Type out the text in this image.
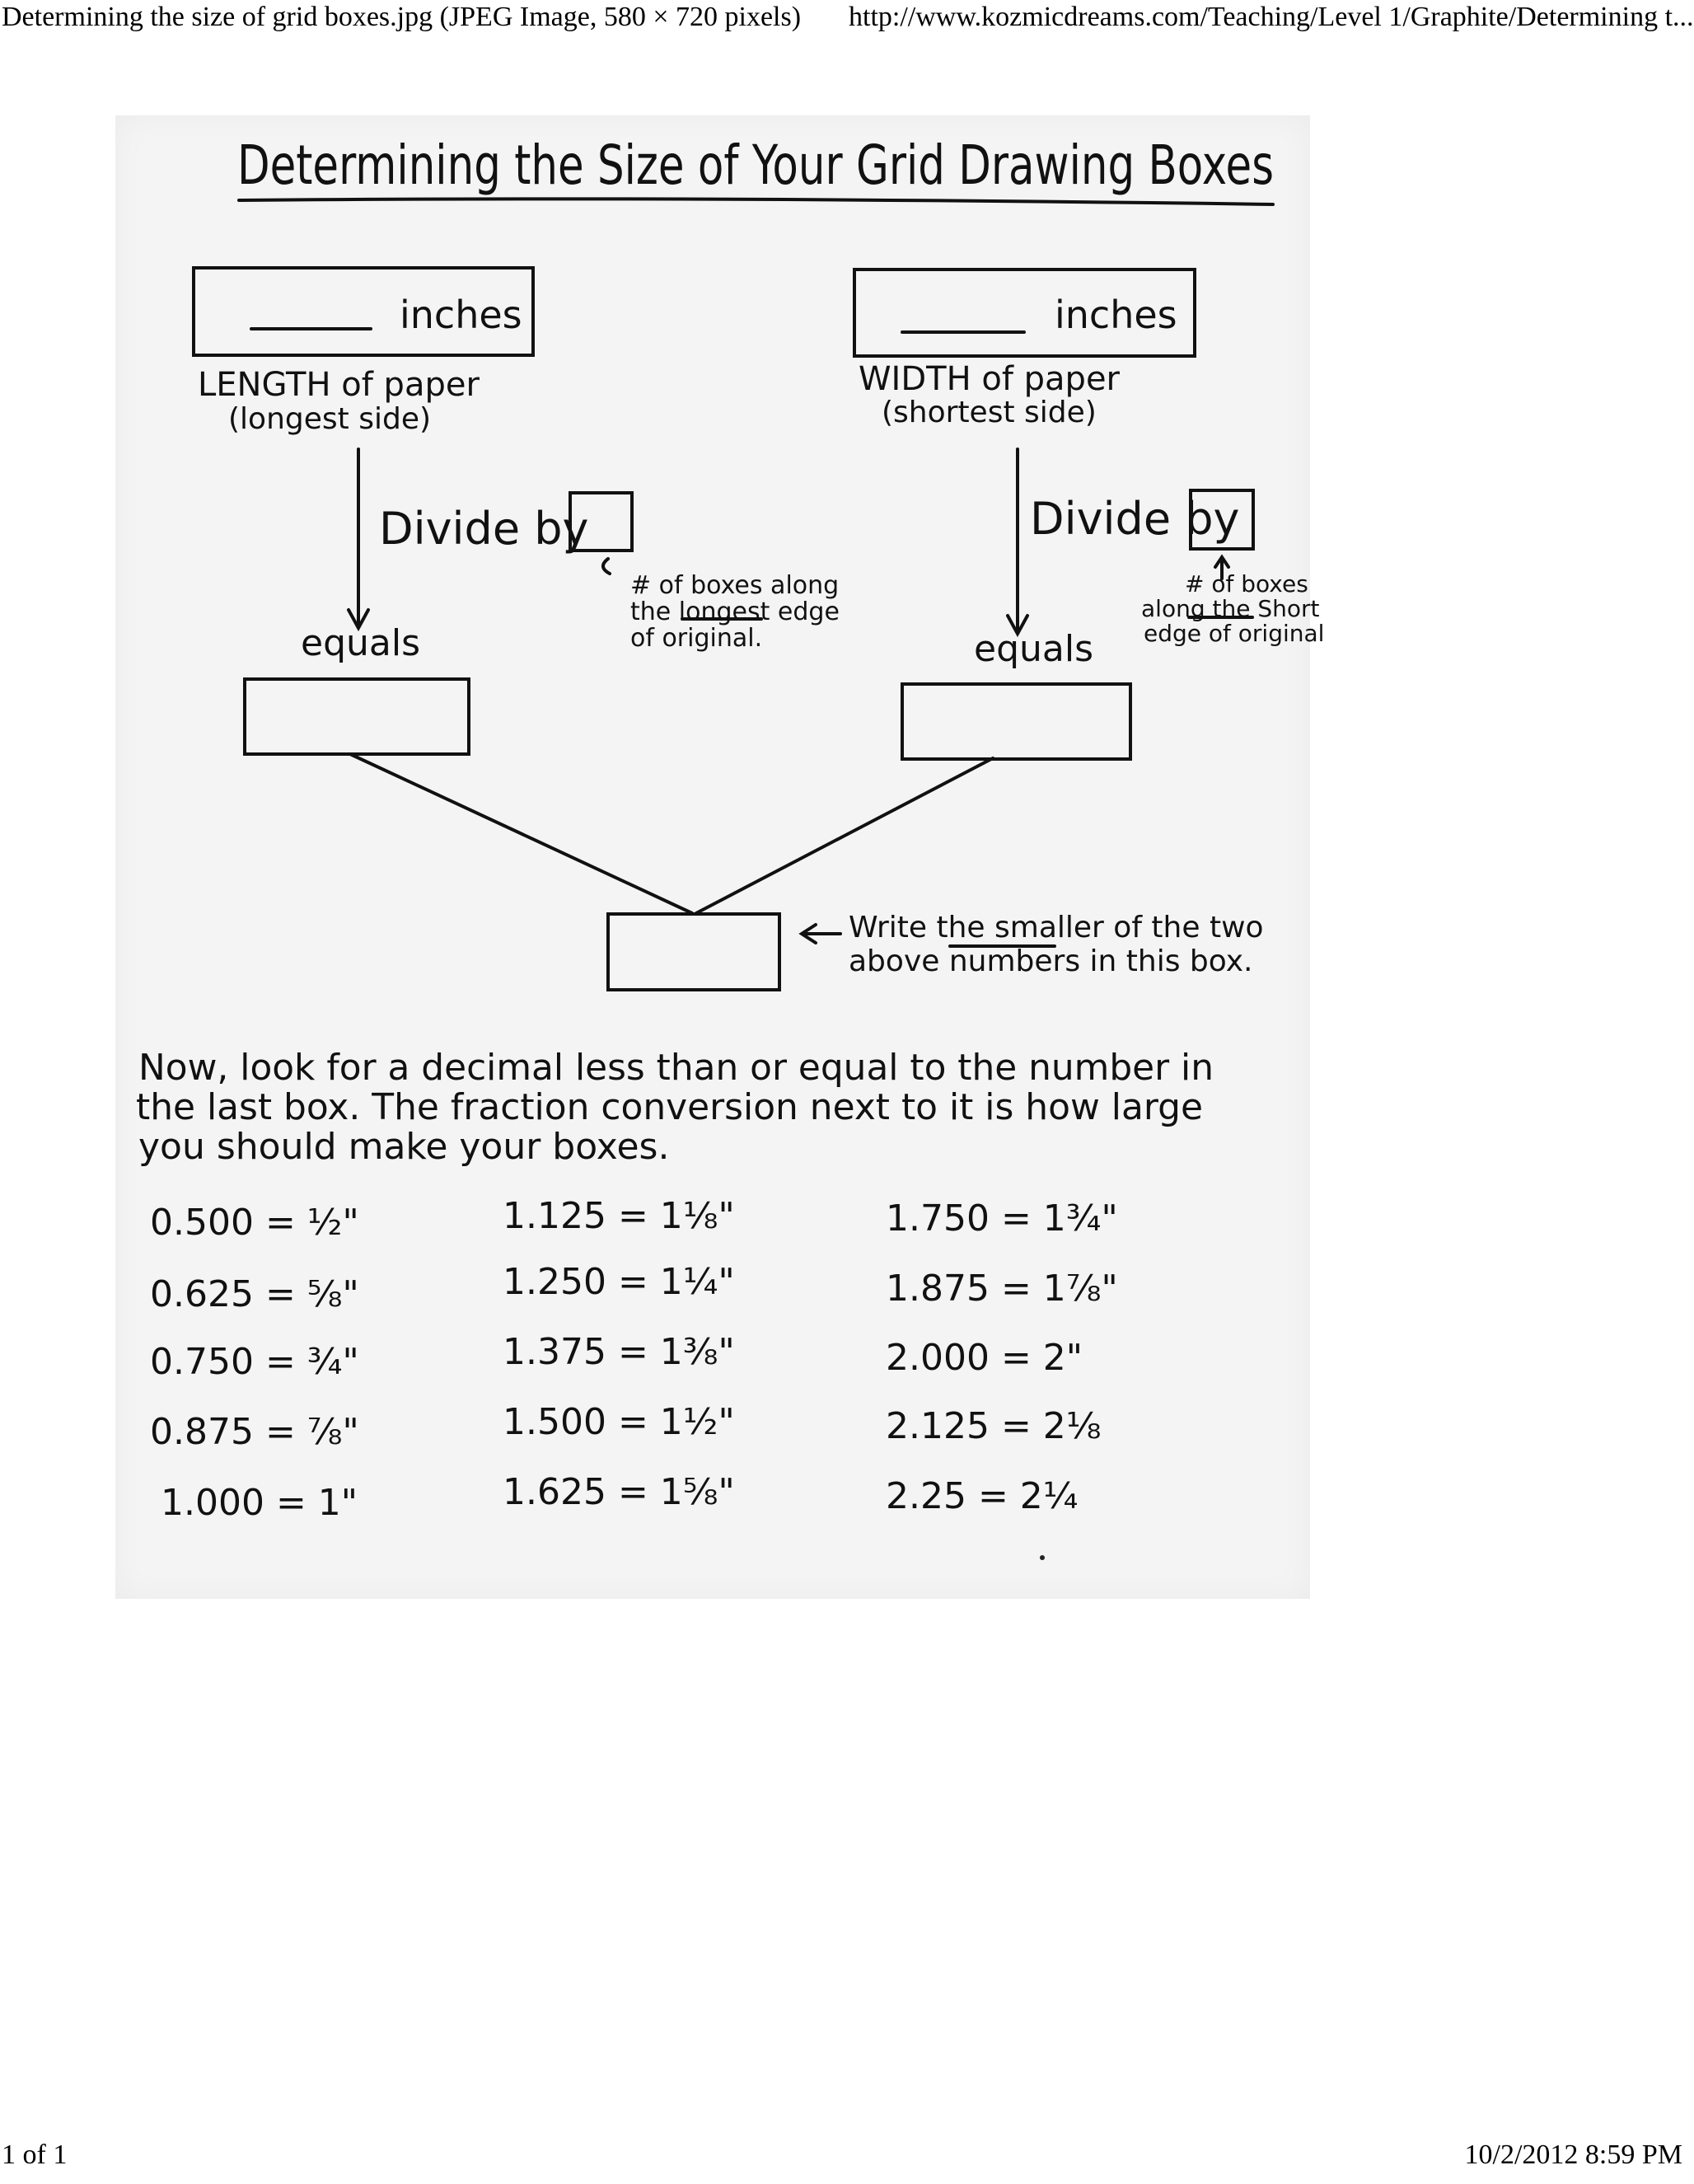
Determining the size of grid boxes.jpg (JPEG Image, 580 × 720 pixels) http://www.kozmicdreams.com/Teaching/Level 1/Graphite/Determining t...
Determining the Size of Your Grid Drawing Boxes
inches	inches
LENGTH of paper
(longest side)
WIDTH of paper
(shortest side)
Divide by	Divide by
# of boxes along
the longest edge
of original.
# of boxes
along the Short
edge of original
equals	equals
Write the smaller of the two
above numbers in this box.
Now, look for a decimal less than or equal to the number in
the last box. The fraction conversion next to it is how large
you should make your boxes.
0.500 = ½"	1.125 = 1⅛"	1.750 = 1¾"
0.625 = ⅝"	1.250 = 1¼"	1.875 = 1⅞"
0.750 = ¾"	1.375 = 1⅜"	2.000 = 2"
0.875 = ⅞"	1.500 = 1½"	2.125 = 2⅛
1.000 = 1"	1.625 = 1⅝"	2.25 = 2¼
1 of 1	10/2/2012 8:59 PM
